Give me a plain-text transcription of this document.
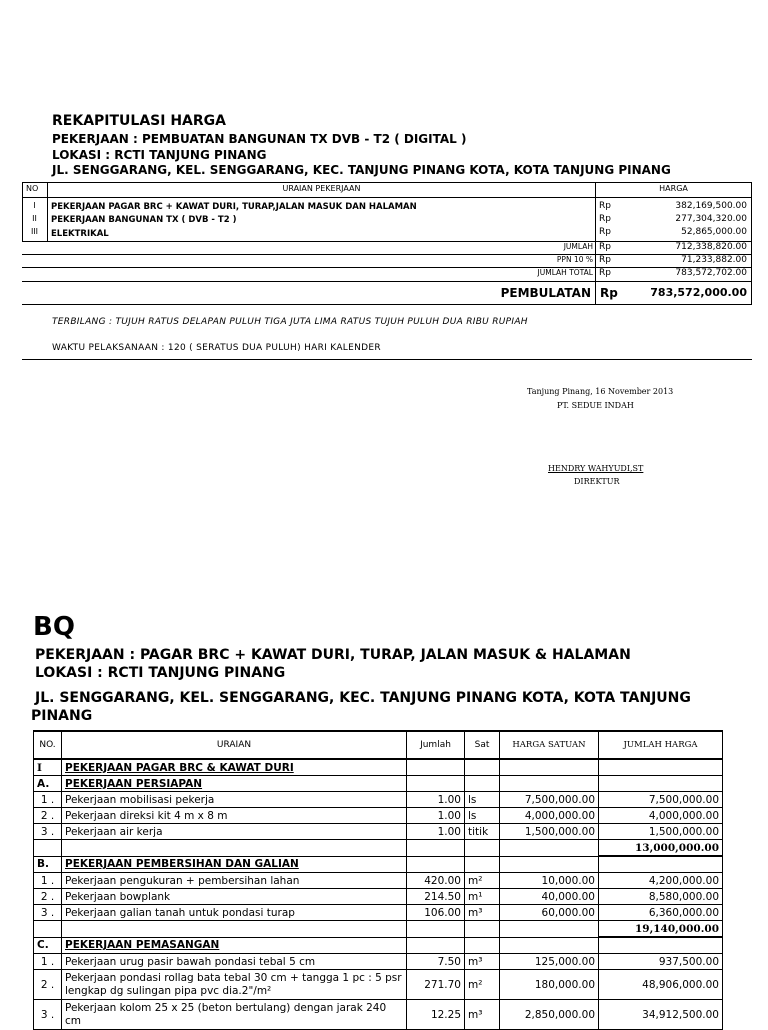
REKAPITULASI HARGA
PEKERJAAN : PEMBUATAN BANGUNAN TX DVB - T2 ( DIGITAL )
LOKASI : RCTI TANJUNG PINANG
JL. SENGGARANG, KEL. SENGGARANG, KEC. TANJUNG PINANG KOTA, KOTA TANJUNG PINANG
NO	URAIAN PEKERJAAN	HARGA
I	PEKERJAAN PAGAR BRC + KAWAT DURI, TURAP,JALAN MASUK DAN HALAMAN	Rp	382,169,500.00
II	PEKERJAAN BANGUNAN TX ( DVB - T2 )	Rp	277,304,320.00
III	ELEKTRIKAL	Rp	52,865,000.00
JUMLAH Rp	712,338,820.00
PPN 10 % Rp	71,233,882.00
JUMLAH TOTAL Rp	783,572,702.00
PEMBULATAN Rp	783,572,000.00
TERBILANG : TUJUH RATUS DELAPAN PULUH TIGA JUTA LIMA RATUS TUJUH PULUH DUA RIBU RUPIAH
WAKTU PELAKSANAAN : 120 ( SERATUS DUA PULUH) HARI KALENDER
Tanjung Pinang, 16 November 2013
PT. SEDUE INDAH
HENDRY WAHYUDI,ST
DIREKTUR
BQ
PEKERJAAN : PAGAR BRC + KAWAT DURI, TURAP, JALAN MASUK & HALAMAN
LOKASI : RCTI TANJUNG PINANG
JL. SENGGARANG, KEL. SENGGARANG, KEC. TANJUNG PINANG KOTA, KOTA TANJUNG
PINANG
NO.	URAIAN	Jumlah	Sat	HARGA SATUAN	JUMLAH HARGA
I	PEKERJAAN PAGAR BRC & KAWAT DURI				
A.	PEKERJAAN PERSIAPAN				
1 .	Pekerjaan mobilisasi pekerja	1.00	ls	7,500,000.00	7,500,000.00
2 .	Pekerjaan direksi kit 4 m x 8 m	1.00	ls	4,000,000.00	4,000,000.00
3 .	Pekerjaan air kerja	1.00	titik	1,500,000.00	1,500,000.00
					13,000,000.00
B.	PEKERJAAN PEMBERSIHAN DAN GALIAN				
1 .	Pekerjaan pengukuran + pembersihan lahan	420.00	m²	10,000.00	4,200,000.00
2 .	Pekerjaan bowplank	214.50	m¹	40,000.00	8,580,000.00
3 .	Pekerjaan galian tanah untuk pondasi turap	106.00	m³	60,000.00	6,360,000.00
					19,140,000.00
C.	PEKERJAAN PEMASANGAN				
1 .	Pekerjaan urug pasir bawah pondasi tebal 5 cm	7.50	m³	125,000.00	937,500.00
2 .	Pekerjaan pondasi rollag bata tebal 30 cm + tangga 1 pc : 5 psr lengkap dg sulingan pipa pvc dia.2"/m²	271.70	m²	180,000.00	48,906,000.00
3 .	Pekerjaan kolom 25 x 25 (beton bertulang) dengan jarak 240 cm	12.25	m³	2,850,000.00	34,912,500.00
